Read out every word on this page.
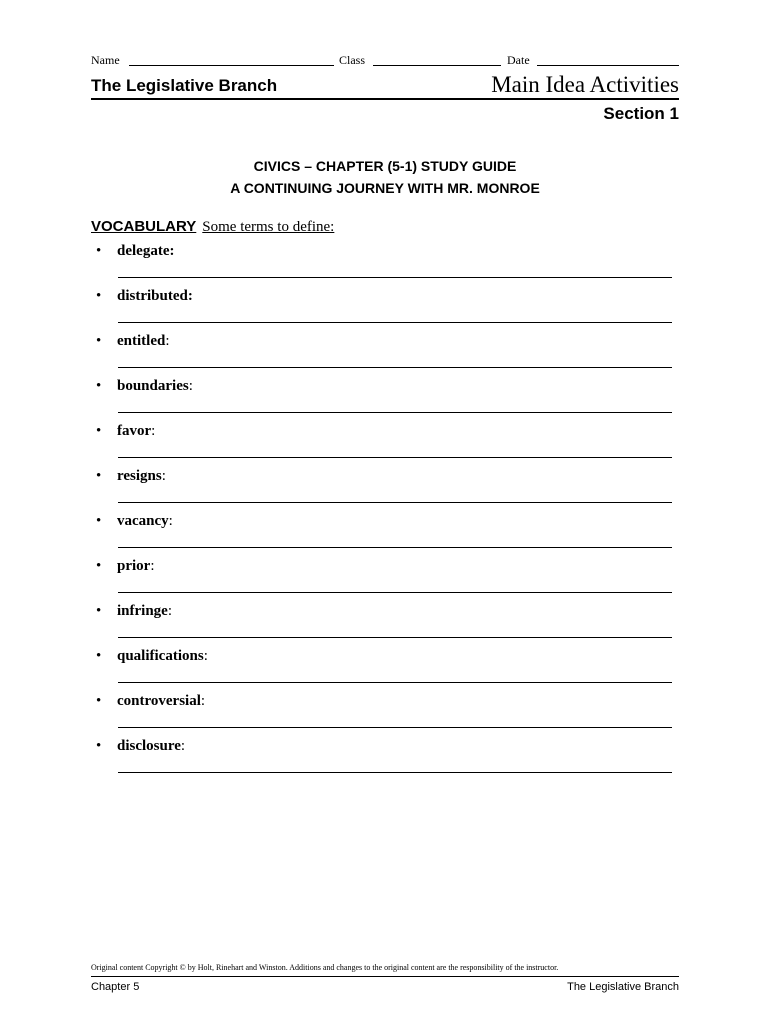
Name	Class	Date
The Legislative Branch	Main Idea Activities
Section 1
CIVICS – CHAPTER (5-1) STUDY GUIDE
A CONTINUING JOURNEY WITH MR. MONROE
VOCABULARY Some terms to define:
• delegate:
• distributed:
• entitled:
• boundaries:
• favor:
• resigns:
• vacancy:
• prior:
• infringe:
• qualifications:
• controversial:
• disclosure:
Original content Copyright © by Holt, Rinehart and Winston. Additions and changes to the original content are the responsibility of the instructor.
Chapter 5	The Legislative Branch
